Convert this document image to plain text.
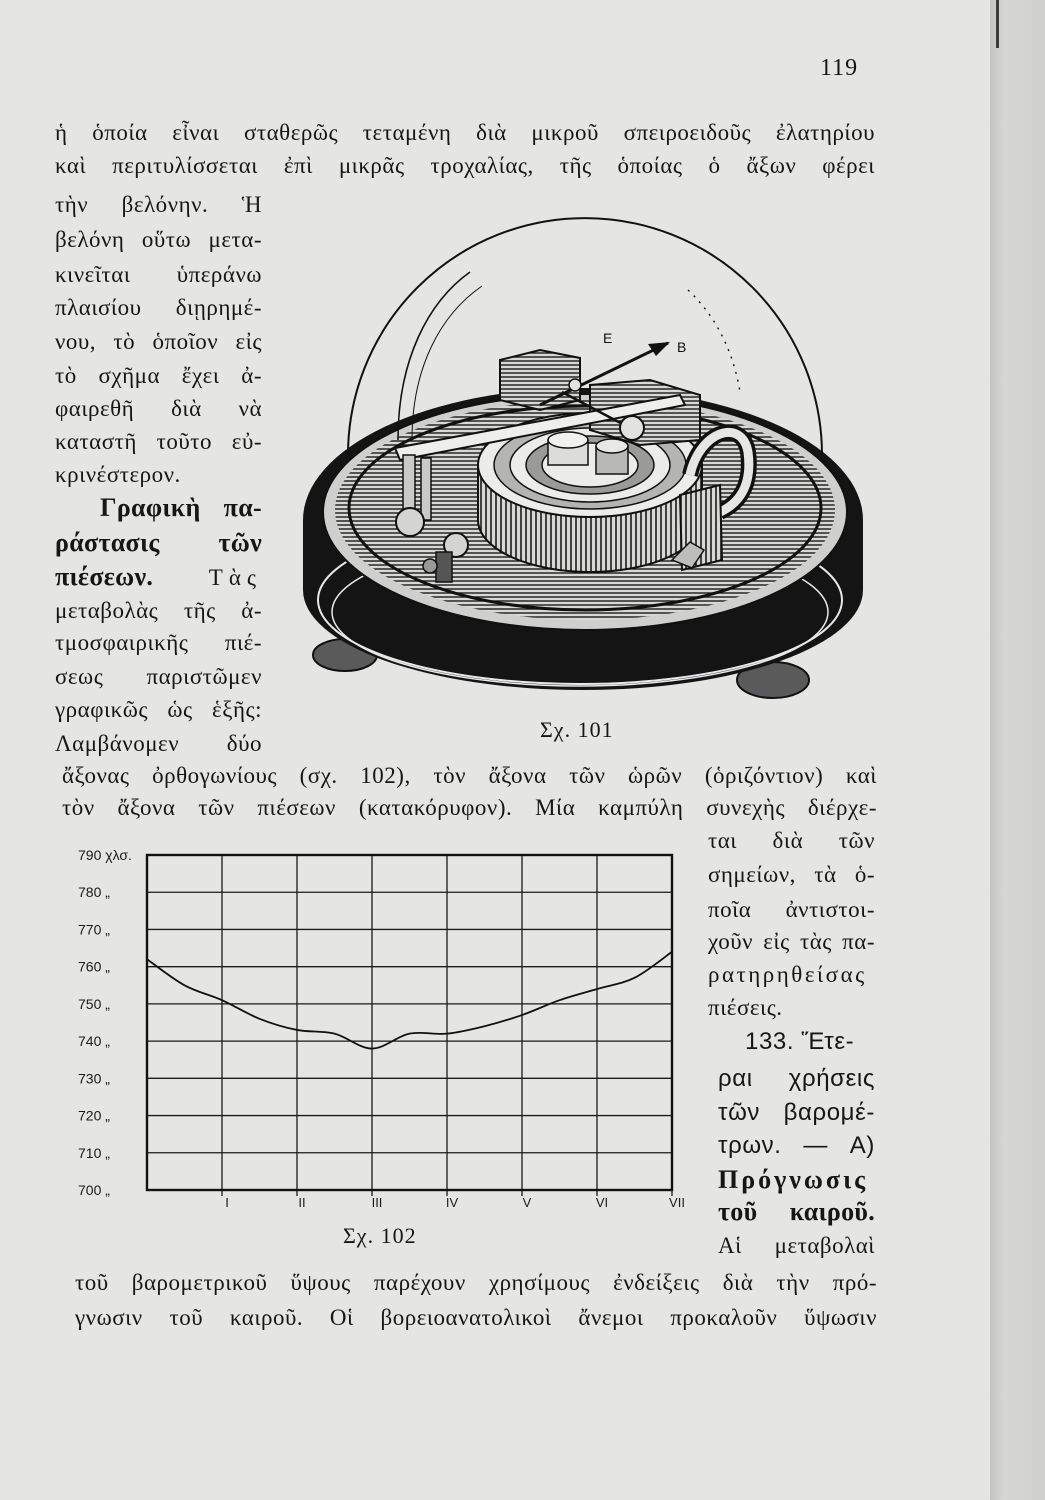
119
ἡ ὁποία εἶναι σταθερῶς τεταμένη διὰ μικροῦ σπειροειδοῦς ἐλατηρίου
καὶ περιτυλίσσεται ἐπὶ μικρᾶς τροχαλίας, τῆς ὁποίας ὁ ἄξων φέρει
τὴν βελόνην. Ἡ
βελόνη οὕτω μετα-
κινεῖται ὑπεράνω
πλαισίου διῃρημέ-
νου, τὸ ὁποῖον εἰς
τὸ σχῆμα ἔχει ἀ-
φαιρεθῆ διὰ νὰ
καταστῆ τοῦτο εὐ-
κρινέστερον.
Γραφικὴ πα-
ράστασις τῶν
πιέσεων. Τὰς
μεταβολὰς τῆς ἀ-
τμοσφαιρικῆς πιέ-
σεως παριστῶμεν
γραφικῶς ὡς ἑξῆς:
Λαμβάνομεν δύο
E
B
Σχ. 101
ἄξονας ὀρθογωνίους (σχ. 102), τὸν ἄξονα τῶν ὡρῶν (ὁριζόντιον) καὶ
τὸν ἄξονα τῶν πιέσεων (κατακόρυφον). Μία καμπύλη συνεχὴς διέρχε-
ται διὰ τῶν
σημείων, τὰ ὁ-
ποῖα ἀντιστοι-
χοῦν εἰς τὰς πα-
ρατηρηθείσας
πιέσεις.
133. Ἕτε-
ραι χρήσεις
τῶν βαρομέ-
τρων. — A)
Πρόγνωσις
τοῦ καιροῦ.
Αἱ μεταβολαὶ
790 χλσ.
780 „
770 „
760 „
750 „
740 „
730 „
720 „
710 „
700 „
I	II	III	IV	V	VI	VII
Σχ. 102
τοῦ βαρομετρικοῦ ὕψους παρέχουν χρησίμους ἐνδείξεις διὰ τὴν πρό-
γνωσιν τοῦ καιροῦ. Οἱ βορειοανατολικοὶ ἄνεμοι προκαλοῦν ὕψωσιν
